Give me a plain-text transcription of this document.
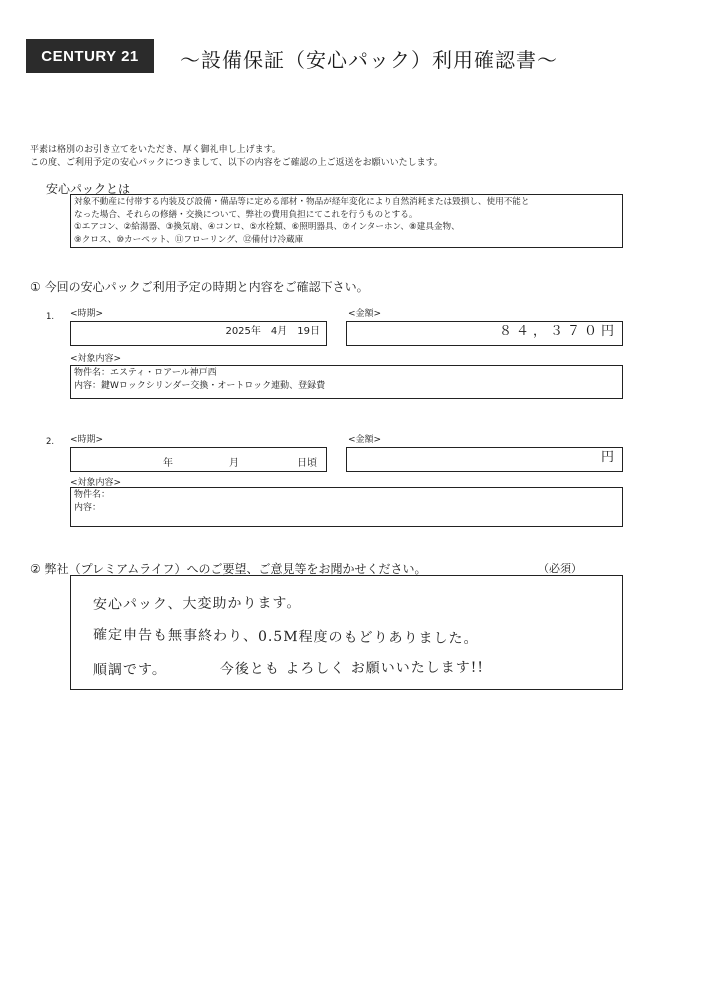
CENTURY 21	～設備保証（安心パック）利用確認書～
平素は格別のお引き立てをいただき、厚く御礼申し上げます。
この度、ご利用予定の安心パックにつきまして、以下の内容をご確認の上ご返送をお願いいたします。
安心パックとは
対象不動産に付帯する内装及び設備・備品等に定める部材・物品が経年変化により自然消耗または毀損し、使用不能と
なった場合、それらの修繕・交換について、弊社の費用負担にてこれを行うものとする。
①エアコン、②給湯器、③換気扇、④コンロ、⑤水栓類、⑥照明器具、⑦インターホン、⑧建具金物、
⑨クロス、⑩カーペット、⑪フローリング、⑫備付け冷蔵庫
① 今回の安心パックご利用予定の時期と内容をご確認下さい。
1. <時期>
2025年　4月　19日
<金額>
８４，３７０円
<対象内容>
物件名：エスティ・ロアール神戸西
内容：鍵Wロックシリンダー交換・オートロック連動、登録費
2. <時期>
年	月	日頃
<金額>
円
<対象内容>
物件名：
内容：
② 弊社（プレミアムライフ）へのご要望、ご意見等をお聞かせください。	（必須）
安心パック、大変助かります。
確定申告も無事終わり、0.5M程度のもどりありました。
順調です。　　　　今後とも よろしく お願いいたします!!
